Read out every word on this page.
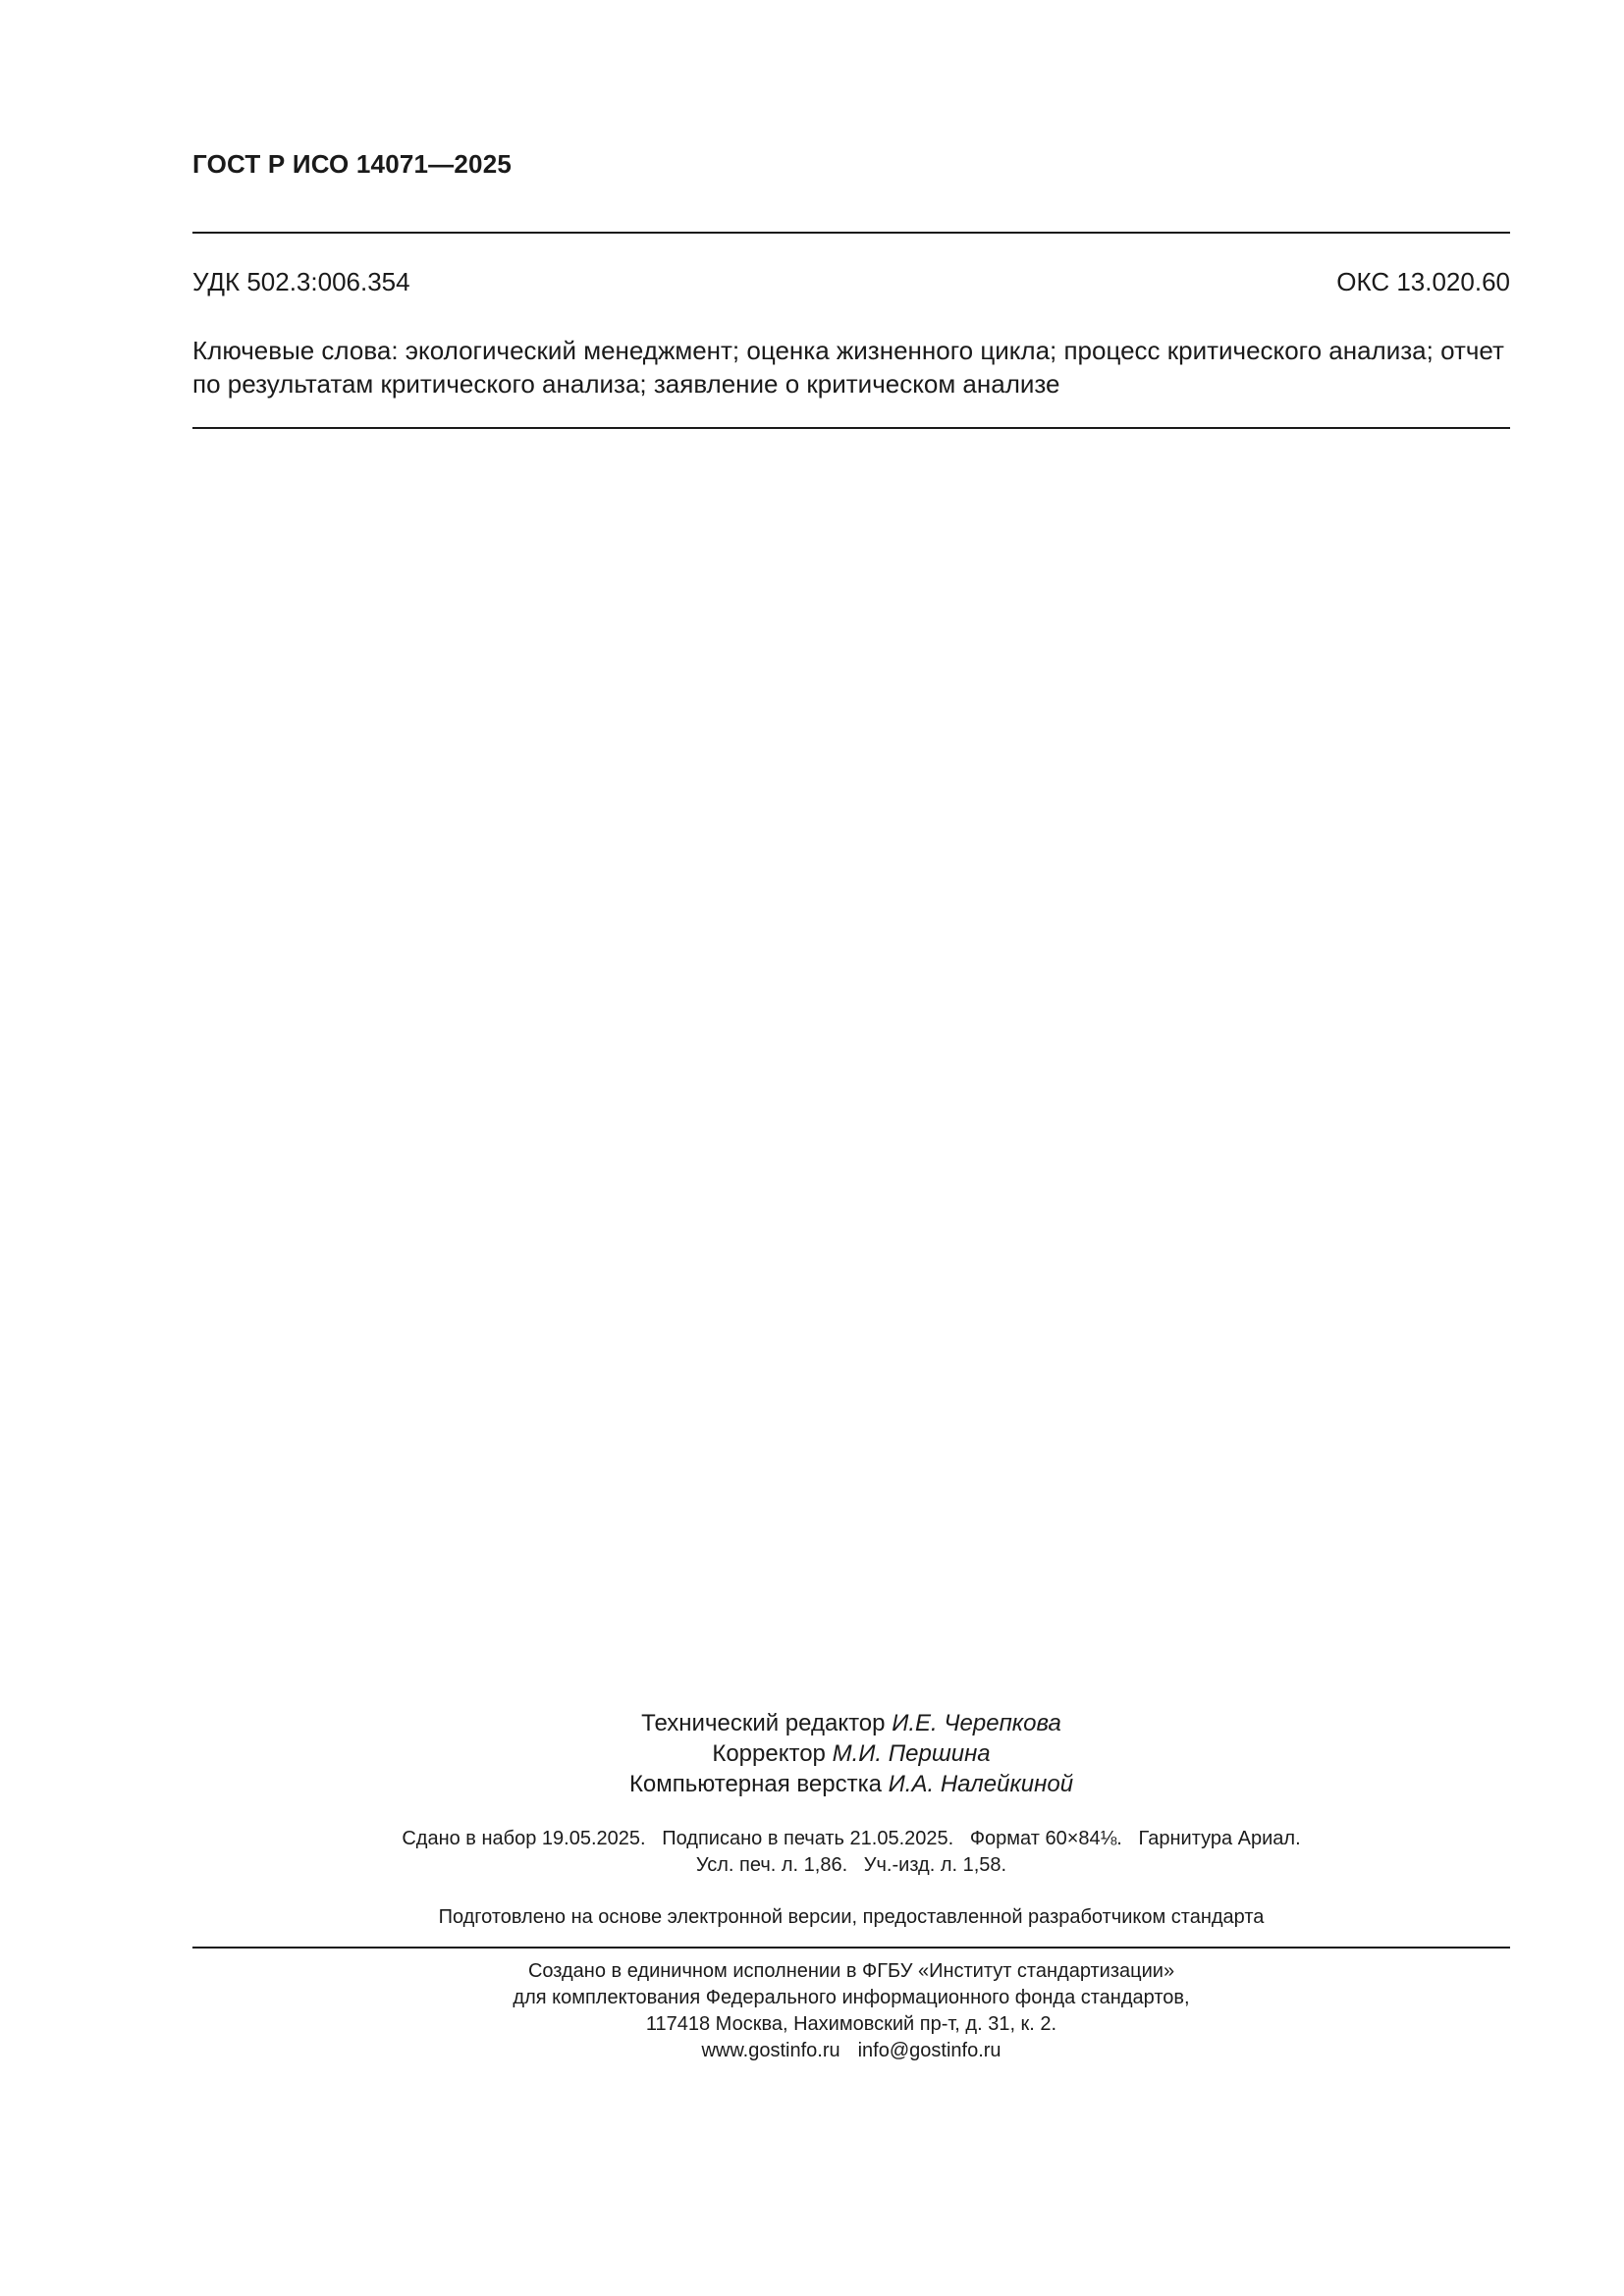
ГОСТ Р ИСО 14071—2025
УДК 502.3:006.354	ОКС 13.020.60
Ключевые слова: экологический менеджмент; оценка жизненного цикла; процесс критического анализа; отчет по результатам критического анализа; заявление о критическом анализе
Технический редактор И.Е. Черепкова
Корректор М.И. Першина
Компьютерная верстка И.А. Налейкиной
Сдано в набор 19.05.2025.   Подписано в печать 21.05.2025.   Формат 60×84⅛.   Гарнитура Ариал.
Усл. печ. л. 1,86.   Уч.-изд. л. 1,58.
Подготовлено на основе электронной версии, предоставленной разработчиком стандарта
Создано в единичном исполнении в ФГБУ «Институт стандартизации»
для комплектования Федерального информационного фонда стандартов,
117418 Москва, Нахимовский пр-т, д. 31, к. 2.
www.gostinfo.ru info@gostinfo.ru
